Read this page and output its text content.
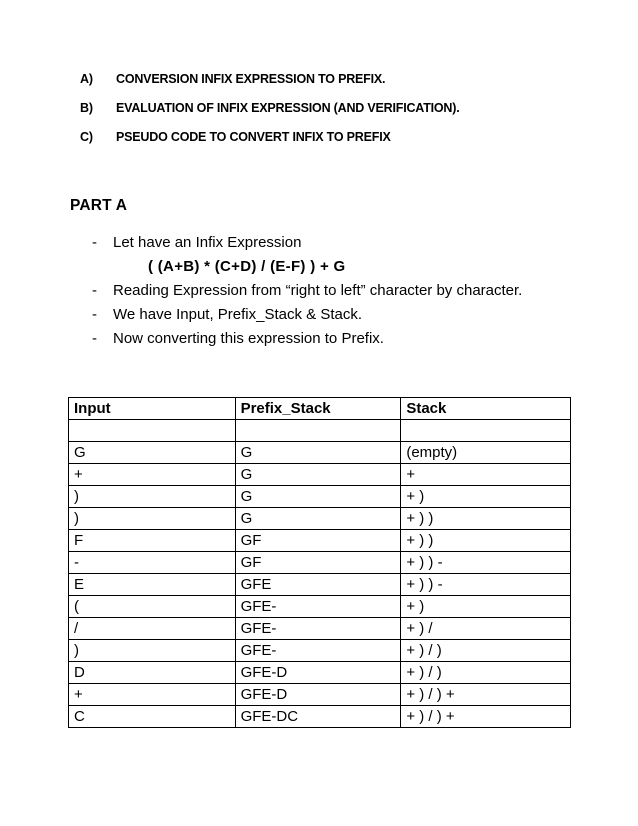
A) CONVERSION INFIX EXPRESSION TO PREFIX.
B) EVALUATION OF INFIX EXPRESSION (AND VERIFICATION).
C) PSEUDO CODE TO CONVERT INFIX TO PREFIX
PART A
-	Let have an Infix Expression
( (A+B) * (C+D) / (E-F) ) + G
-	Reading Expression from “right to left” character by character.
-	We have Input, Prefix_Stack & Stack.
-	Now converting this expression to Prefix.
Input	Prefix_Stack	Stack

G	G	(empty)
+	G	+
)	G	+ )
)	G	+ ) )
F	GF	+ ) )
-	GF	+ ) ) -
E	GFE	+ ) ) -
(	GFE-	+ )
/	GFE-	+ ) /
)	GFE-	+ ) / )
D	GFE-D	+ ) / )
+	GFE-D	+ ) / ) +
C	GFE-DC	+ ) / ) +
